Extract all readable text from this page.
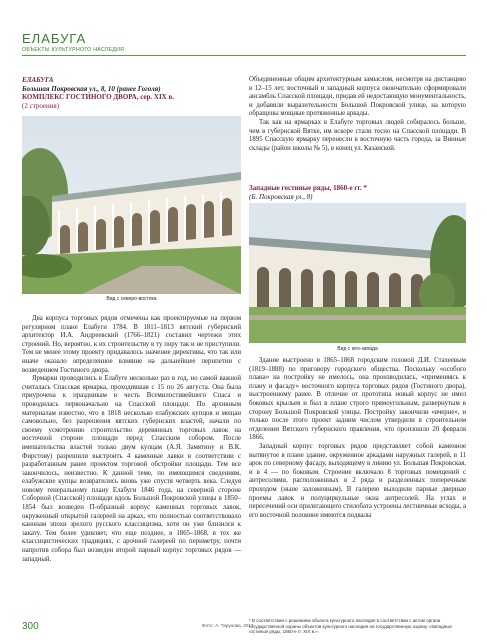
ЕЛАБУГА
ОБЪЕКТЫ КУЛЬТУРНОГО НАСЛЕДИЯ
ЕЛАБУГА
Большая Покровская ул., 8, 10 (ранее Гоголя)
КОМПЛЕКС ГОСТИНОГО ДВОРА, сер. XIX в.
(2 строения)
Вид с северо-востока

Два корпуса торговых рядов отмечены как проектируемые на первом регулярном плане Елабуги 1784. В 1811–1813 вятский губернский архитектор И.А. Андреевский (1766–1821) составил чертежи этих строений. Но, вероятно, к их строительству в ту пору так и не приступили. Тем не менее этому проекту придавалось значение директивы, что так или иначе оказало определенное влияние на дальнейшее перипетии с возведением Гостиного двора.

Ярмарки проводились в Елабуге несколько раз в год, но самой важной считалась Спасская ярмарка, проходившая с 15 по 26 августа. Она была приурочена к праздникам в честь Всемилостивейшего Спаса и проводилась первоначально на Спасской площади. По архивным материалам известно, что в 1818 несколько елабужских купцов и мещан самовольно, без разрешения вятских губернских властей, начали по своему усмотрению строительство деревянных торговых лавок на восточной стороне площади перед Спасским собором. После вмешательства властей только двум купцам (А.Я. Замятину и В.К. Фирстову) разрешили выстроить 4 каменные лавки в соответствии с разработанным ранее проектом торговой обстройки площади. Тем все закончилось, неизвестно. К данной теме, по имеющимся сведениям, елабужские купцы возвратились вновь уже спустя четверть века. Следуя новому генеральному плану Елабуги 1846 года, на северной стороне Соборной (Спасской) площади вдоль Большой Покровской улицы в 1850–1854 был возведен П-образный корпус каменных торговых лавок, окруженный открытой галереей на арках, что полностью соответствовало канонам эпохи зрелого русского классицизма, хотя он уже близился к закату. Тем более удивляет, что еще позднее, в 1865–1868, в тех же классицистических традициях, с арочной галереей по периметру, почти напротив собора был возведен второй парный корпус торговых рядов — западный.

Объединенные общим архитектурным замыслом, несмотря на дистанцию в 12–15 лет, восточный и западный корпуса окончательно сформировали ансамбль Спасской площади, придав ей недостающую монументальность, и добавили выразительности Большой Покровской улице, на которую обращены мощные протяженные аркады.

Так как на ярмарках в Елабуге торговых людей собиралось больше, чем в губернской Вятке, им вскоре стали тесно на Спасской площади. В 1895 Спасскую ярмарку перенесли в восточную часть города, за Винные склады (район школы № 5), в конец ул. Казанской.

Западные гостиные ряды, 1860-е гг. *
(Б. Покровская ул., 8)
Вид с юго-запада

Здание выстроено в 1865–1868 городским головой Д.И. Стахеевым (1819–1888) по приговору городского общества. Поскольку «особого плана» на постройку не имелось, она производилась, «применяясь к плану и фасаду» восточного корпуса торговых рядов (Гостиного двора), выстроенному ранее. В отличие от прототипа новый корпус не имел боковых крыльев и был в плане строго прямоугольным, развернутым в сторону Большой Покровской улицы. Постройку закончили «вчерне», и только после этого проект задним числом утвердили в строительном отделении Вятского губернского правления, что произошло 20 февраля 1866.

Западный корпус торговых рядов представляет собой каменное вытянутое в плане здание, окруженное аркадами наружных галерей, в 11 арок по северному фасаду, выходящему в линию ул. Большая Покровская, и в 4 — по боковым. Строение включало 8 торговых помещений с антресолями, расположенных в 2 ряда и разделенных поперечным проходом (ныне заложенным). В галерею выходили парные дверные проемы лавок и полуциркульные окна антресолей. На углах и пересечений оси прилегающего стилобата устроены лестничные всходы, а его восточной половине имеются подвалы

300	Фото: А. Тарунова, 2017
* В соответствии с решением объекта культурного наследия в соответствии с актом органа государственной охраны объектов культурного наследия на государственную охрану «Западные гостиные ряды, 1860-е гг. XIX в.».
